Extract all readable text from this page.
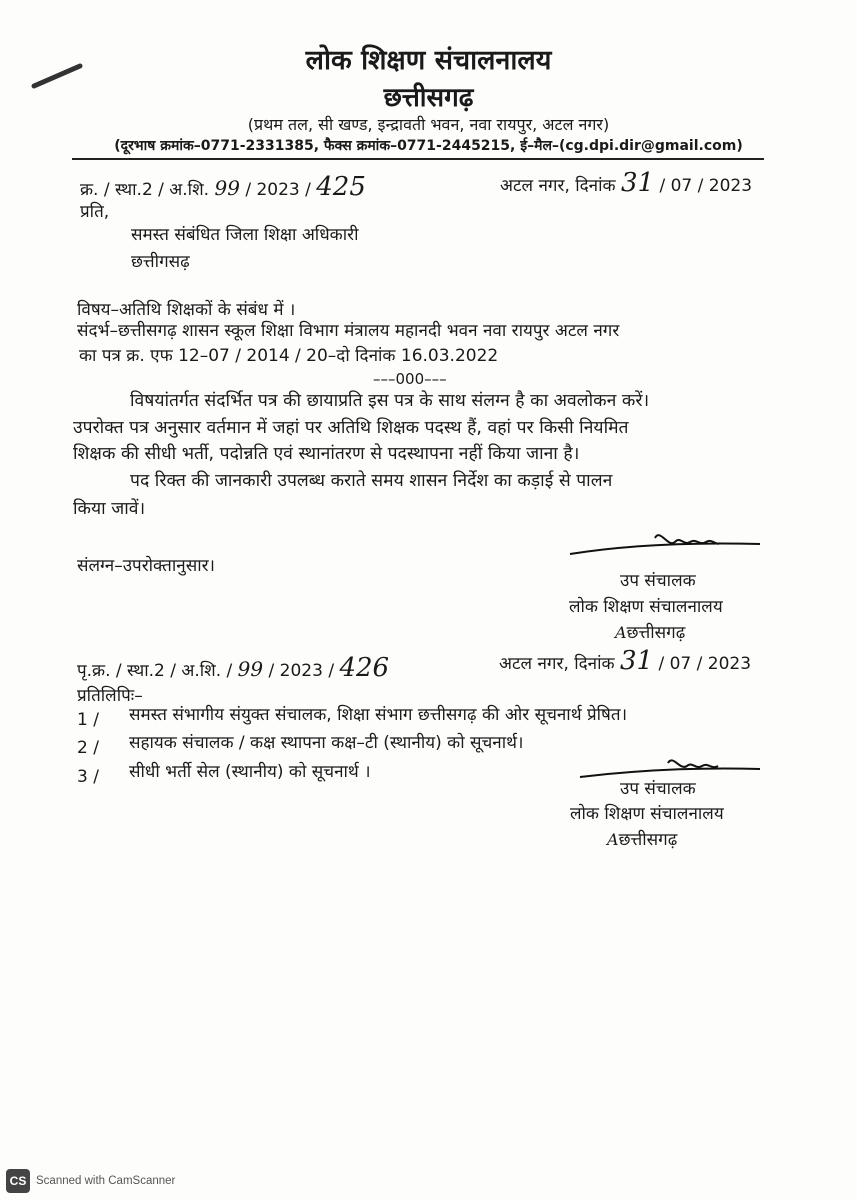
लोक शिक्षण संचालनालय
छत्तीसगढ़
(प्रथम तल, सी खण्ड, इन्द्रावती भवन, नवा रायपुर, अटल नगर)
(दूरभाष क्रमांक–0771-2331385, फैक्स क्रमांक–0771-2445215, ई–मैल–(cg.dpi.dir@gmail.com)
क्र. / स्था.2 / अ.शि. 99 / 2023 / 425	अटल नगर, दिनांक 31 / 07 / 2023
प्रति,
समस्त संबंधित जिला शिक्षा अधिकारी
छत्तीगसढ़
विषय–अतिथि शिक्षकों के संबंध में ।
संदर्भ–छत्तीसगढ़ शासन स्कूल शिक्षा विभाग मंत्रालय महानदी भवन नवा रायपुर अटल नगर
का पत्र क्र. एफ 12–07 / 2014 / 20–दो दिनांक 16.03.2022
–––000–––
विषयांतर्गत संदर्भित पत्र की छायाप्रति इस पत्र के साथ संलग्न है का अवलोकन करें।
उपरोक्त पत्र अनुसार वर्तमान में जहां पर अतिथि शिक्षक पदस्थ हैं, वहां पर किसी नियमित
शिक्षक की सीधी भर्ती, पदोन्नति एवं स्थानांतरण से पदस्थापना नहीं किया जाना है।
पद रिक्त की जानकारी उपलब्ध कराते समय शासन निर्देश का कड़ाई से पालन
किया जावें।
संलग्न–उपरोक्तानुसार।
उप संचालक
लोक शिक्षण संचालनालय
Aछत्तीसगढ़
पृ.क्र. / स्था.2 / अ.शि. / 99 / 2023 / 426	अटल नगर, दिनांक 31 / 07 / 2023
प्रतिलिपिः–
1 / समस्त संभागीय संयुक्त संचालक, शिक्षा संभाग छत्तीसगढ़ की ओर सूचनार्थ प्रेषित।
2 / सहायक संचालक / कक्ष स्थापना कक्ष–टी (स्थानीय) को सूचनार्थ।
3 / सीधी भर्ती सेल (स्थानीय) को सूचनार्थ ।
उप संचालक
लोक शिक्षण संचालनालय
Aछत्तीसगढ़
CS Scanned with CamScanner
